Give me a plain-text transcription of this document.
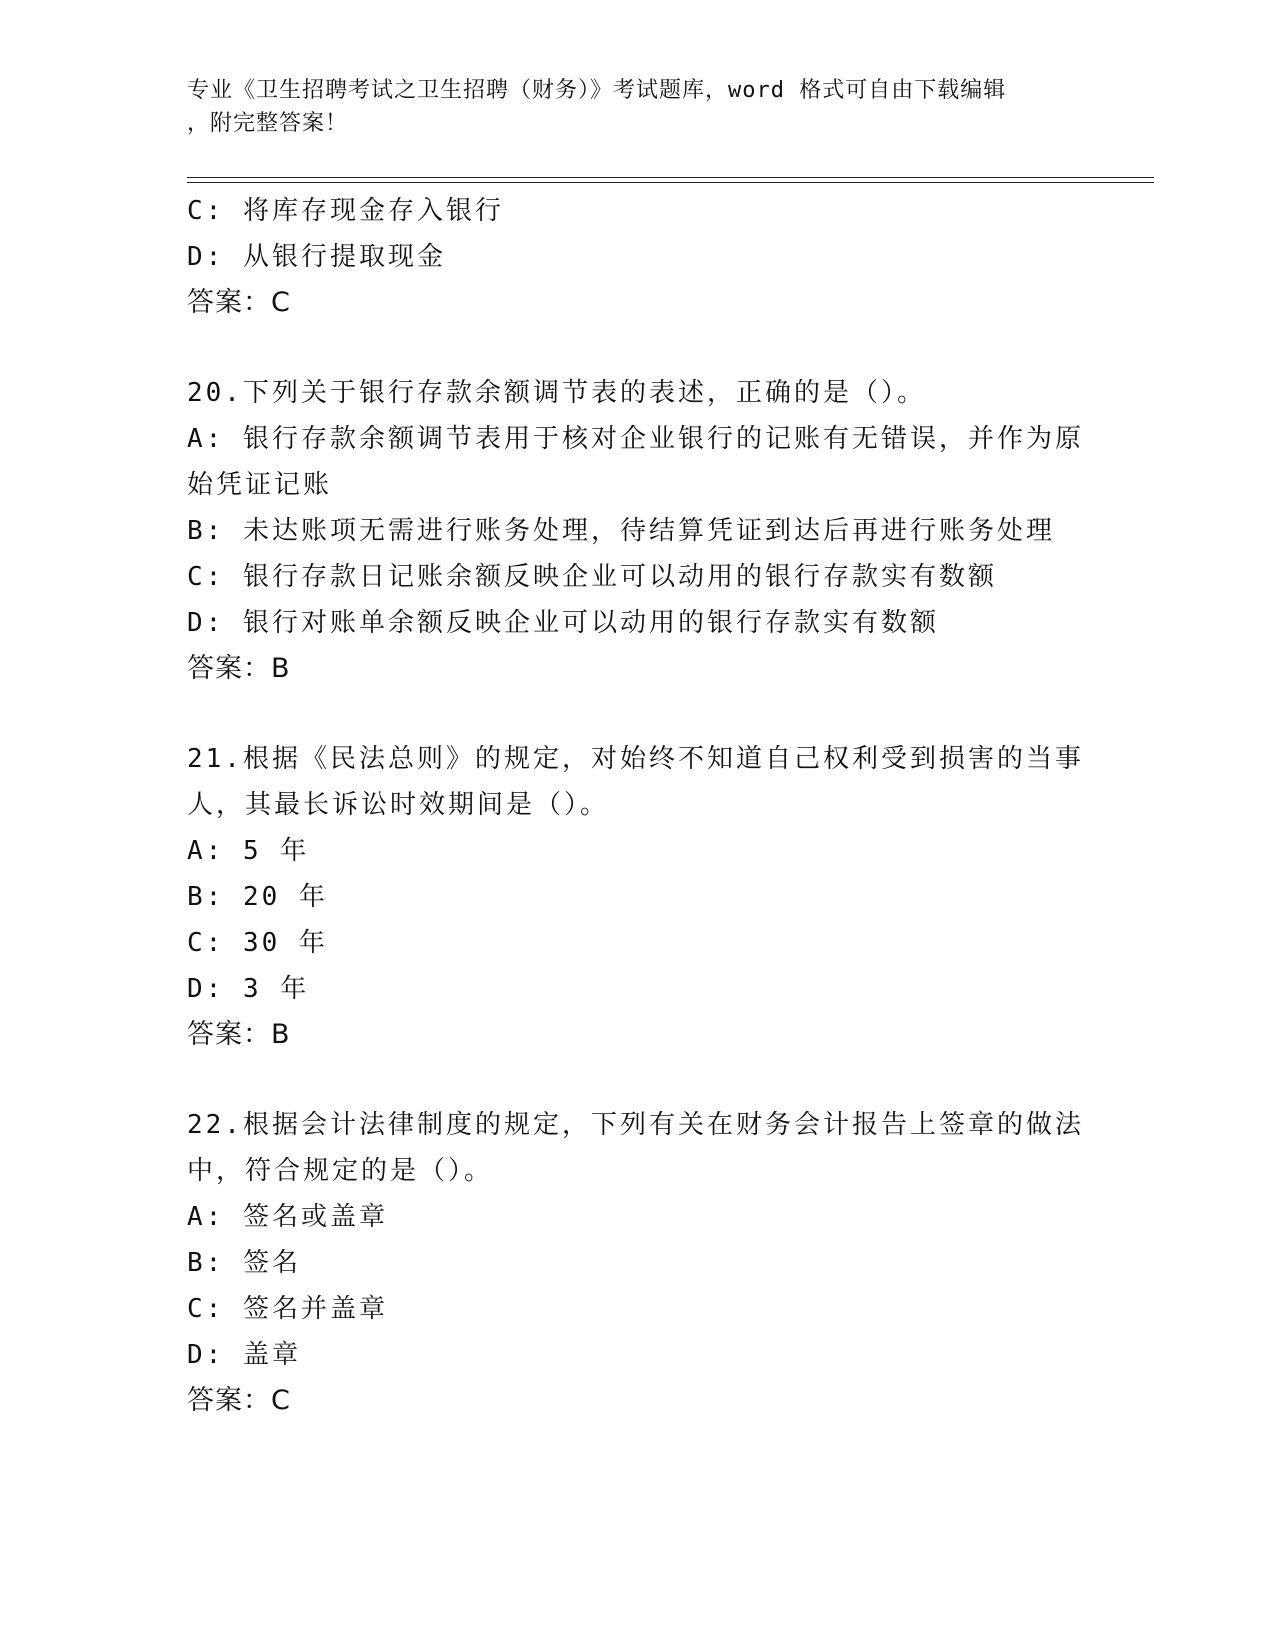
专业《卫生招聘考试之卫生招聘（财务）》考试题库，word 格式可自由下载编辑
，附完整答案！
C: 将库存现金存入银行
D: 从银行提取现金
答案：C
20.下列关于银行存款余额调节表的表述，正确的是（）。
A: 银行存款余额调节表用于核对企业银行的记账有无错误，并作为原
始凭证记账
B: 未达账项无需进行账务处理，待结算凭证到达后再进行账务处理
C: 银行存款日记账余额反映企业可以动用的银行存款实有数额
D: 银行对账单余额反映企业可以动用的银行存款实有数额
答案：B
21.根据《民法总则》的规定，对始终不知道自己权利受到损害的当事
人，其最长诉讼时效期间是（）。
A: 5 年
B: 20 年
C: 30 年
D: 3 年
答案：B
22.根据会计法律制度的规定，下列有关在财务会计报告上签章的做法
中，符合规定的是（）。
A: 签名或盖章
B: 签名
C: 签名并盖章
D: 盖章
答案：C
